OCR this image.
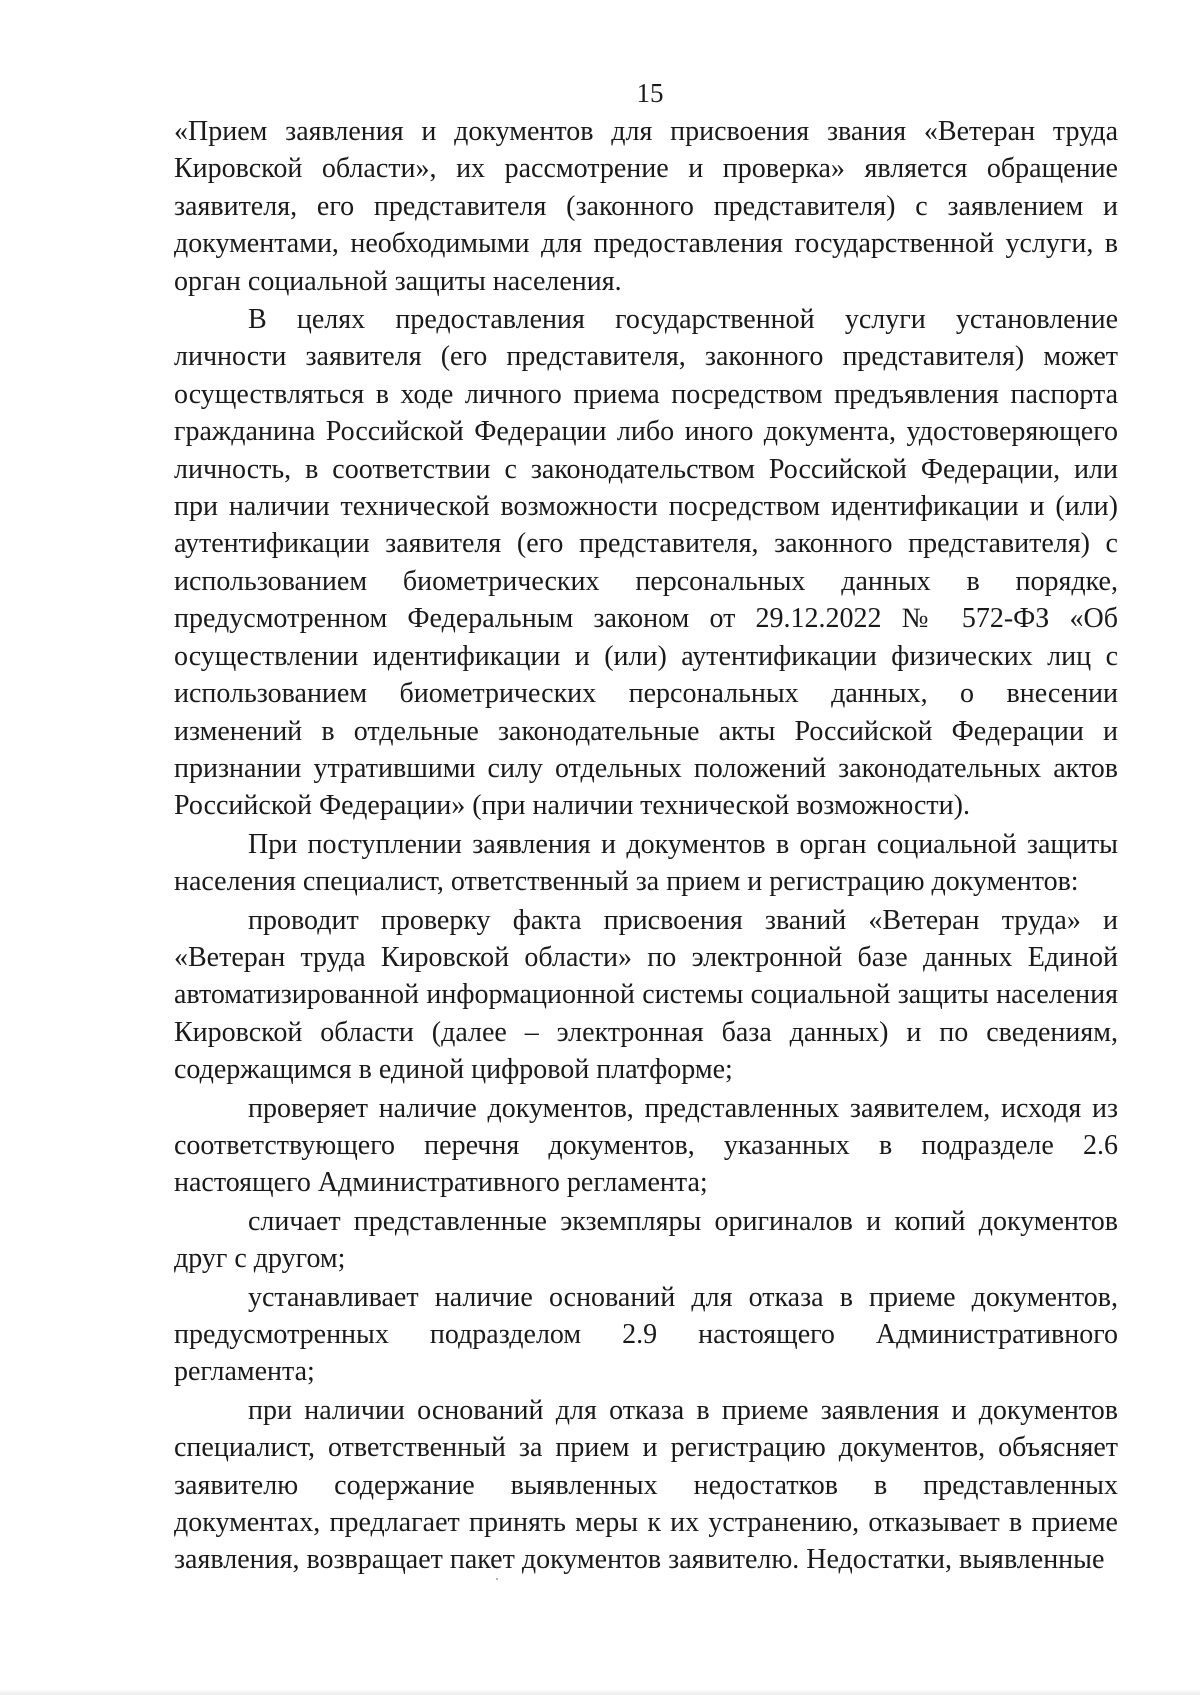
15

«Прием заявления и документов для присвоения звания «Ветеран труда Кировской области», их рассмотрение и проверка» является обращение заявителя, его представителя (законного представителя) с заявлением и документами, необходимыми для предоставления государственной услуги, в орган социальной защиты населения.

В целях предоставления государственной услуги установление личности заявителя (его представителя, законного представителя) может осуществляться в ходе личного приема посредством предъявления паспорта гражданина Российской Федерации либо иного документа, удостоверяющего личность, в соответствии с законодательством Российской Федерации, или при наличии технической возможности посредством идентификации и (или) аутентификации заявителя (его представителя, законного представителя) с использованием биометрических персональных данных в порядке, предусмотренном Федеральным законом от 29.12.2022 № 572-ФЗ «Об осуществлении идентификации и (или) аутентификации физических лиц с использованием биометрических персональных данных, о внесении изменений в отдельные законодательные акты Российской Федерации и признании утратившими силу отдельных положений законодательных актов Российской Федерации» (при наличии технической возможности).

При поступлении заявления и документов в орган социальной защиты населения специалист, ответственный за прием и регистрацию документов:

проводит проверку факта присвоения званий «Ветеран труда» и «Ветеран труда Кировской области» по электронной базе данных Единой автоматизированной информационной системы социальной защиты населения Кировской области (далее – электронная база данных) и по сведениям, содержащимся в единой цифровой платформе;

проверяет наличие документов, представленных заявителем, исходя из соответствующего перечня документов, указанных в подразделе 2.6 настоящего Административного регламента;

сличает представленные экземпляры оригиналов и копий документов друг с другом;

устанавливает наличие оснований для отказа в приеме документов, предусмотренных подразделом 2.9 настоящего Административного регламента;

при наличии оснований для отказа в приеме заявления и документов специалист, ответственный за прием и регистрацию документов, объясняет заявителю содержание выявленных недостатков в представленных документах, предлагает принять меры к их устранению, отказывает в приеме заявления, возвращает пакет документов заявителю. Недостатки, выявленные
